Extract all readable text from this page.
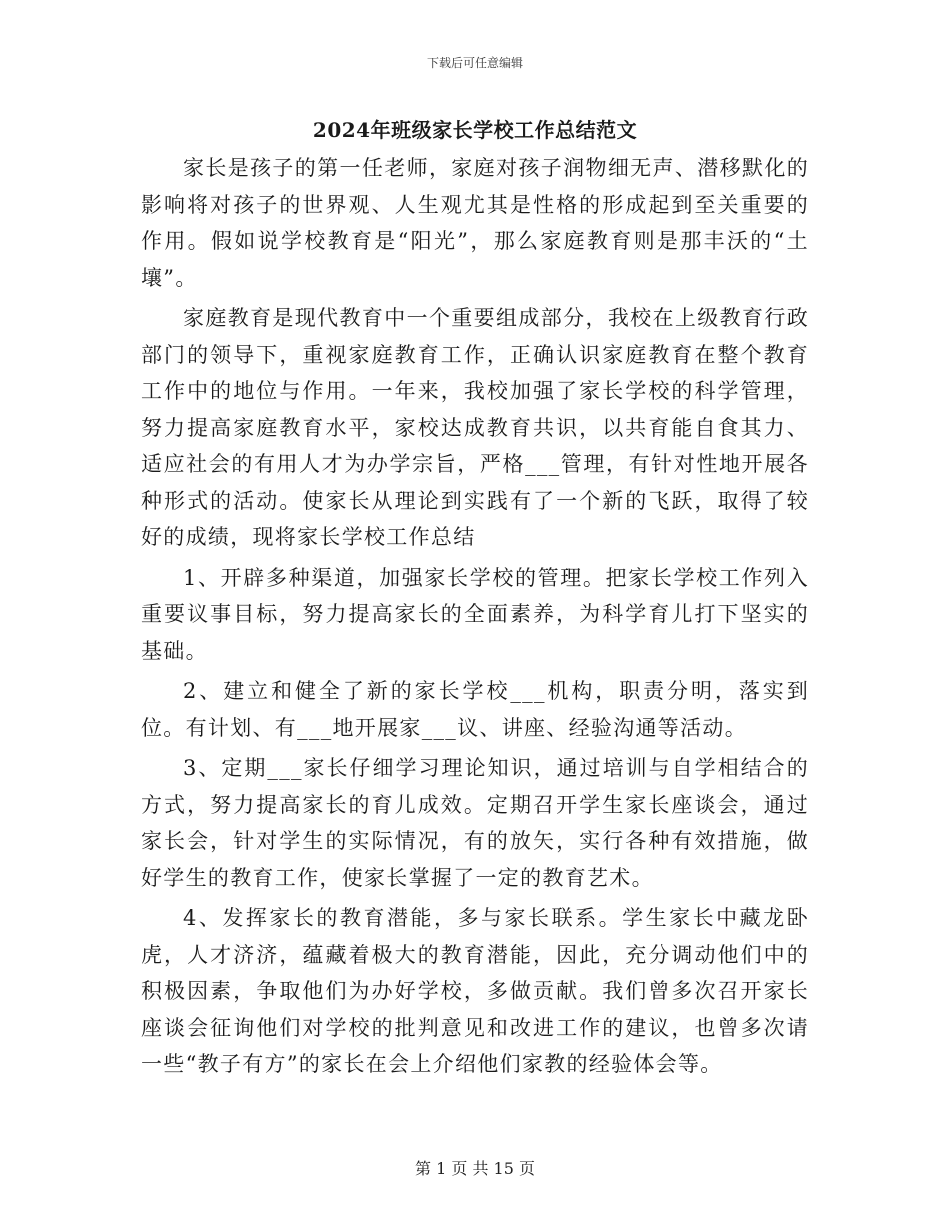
下载后可任意编辑
2024年班级家长学校工作总结范文

家长是孩子的第一任老师，家庭对孩子润物细无声、潜移默化的影响将对孩子的世界观、人生观尤其是性格的形成起到至关重要的作用。假如说学校教育是“阳光”，那么家庭教育则是那丰沃的“土壤”。

家庭教育是现代教育中一个重要组成部分，我校在上级教育行政部门的领导下，重视家庭教育工作，正确认识家庭教育在整个教育工作中的地位与作用。一年来，我校加强了家长学校的科学管理，努力提高家庭教育水平，家校达成教育共识，以共育能自食其力、适应社会的有用人才为办学宗旨，严格___管理，有针对性地开展各种形式的活动。使家长从理论到实践有了一个新的飞跃，取得了较好的成绩，现将家长学校工作总结

1、开辟多种渠道，加强家长学校的管理。把家长学校工作列入重要议事目标，努力提高家长的全面素养，为科学育儿打下坚实的基础。

2、建立和健全了新的家长学校___机构，职责分明，落实到位。有计划、有___地开展家___议、讲座、经验沟通等活动。

3、定期___家长仔细学习理论知识，通过培训与自学相结合的方式，努力提高家长的育儿成效。定期召开学生家长座谈会，通过家长会，针对学生的实际情况，有的放矢，实行各种有效措施，做好学生的教育工作，使家长掌握了一定的教育艺术。

4、发挥家长的教育潜能，多与家长联系。学生家长中藏龙卧虎，人才济济，蕴藏着极大的教育潜能，因此，充分调动他们中的积极因素，争取他们为办好学校，多做贡献。我们曾多次召开家长座谈会征询他们对学校的批判意见和改进工作的建议，也曾多次请一些“教子有方”的家长在会上介绍他们家教的经验体会等。

第 1 页 共 15 页
